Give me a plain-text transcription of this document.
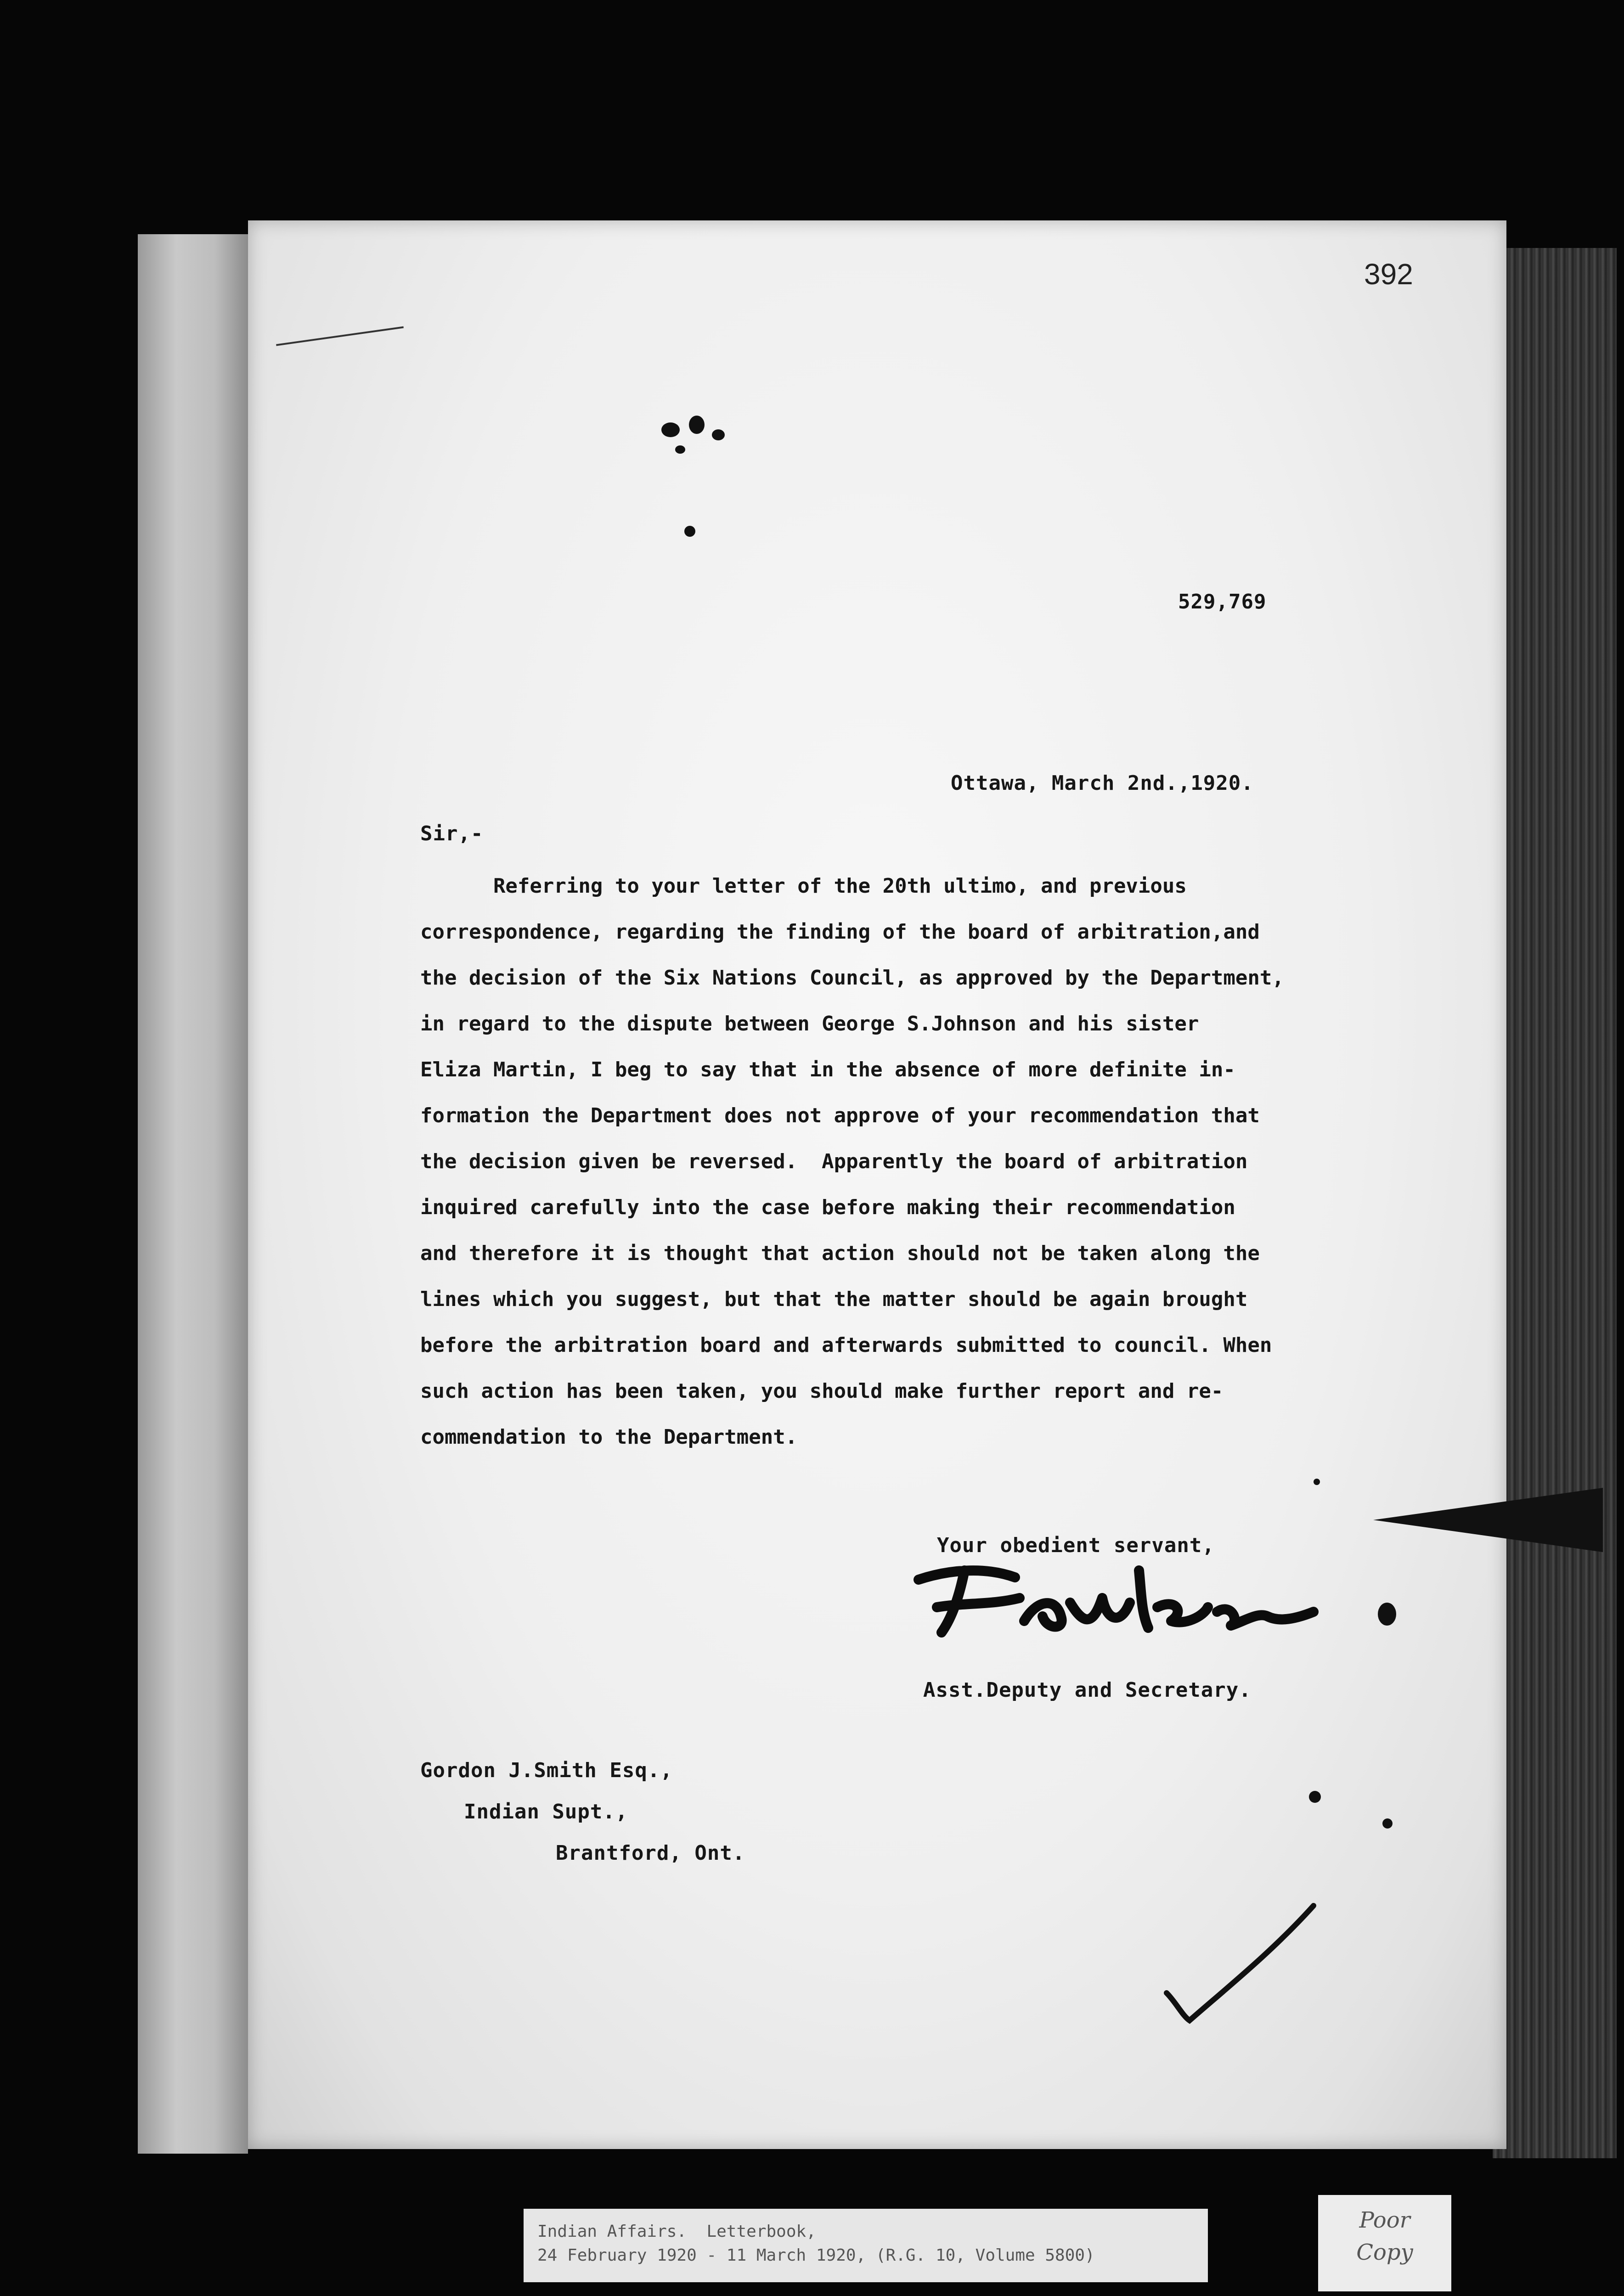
392
529,769
Ottawa, March 2nd.,1920.
Sir,-
Referring to your letter of the 20th ultimo, and previous
correspondence, regarding the finding of the board of arbitration,and
the decision of the Six Nations Council, as approved by the Department,
in regard to the dispute between George S.Johnson and his sister
Eliza Martin, I beg to say that in the absence of more definite in-
formation the Department does not approve of your recommendation that
the decision given be reversed.  Apparently the board of arbitration
inquired carefully into the case before making their recommendation
and therefore it is thought that action should not be taken along the
lines which you suggest, but that the matter should be again brought
before the arbitration board and afterwards submitted to council. When
such action has been taken, you should make further report and re-
commendation to the Department.
Your obedient servant,
Asst.Deputy and Secretary.
Gordon J.Smith Esq.,
Indian Supt.,
Brantford, Ont.
Indian Affairs.  Letterbook,
24 February 1920 - 11 March 1920, (R.G. 10, Volume 5800)
Poor
Copy
